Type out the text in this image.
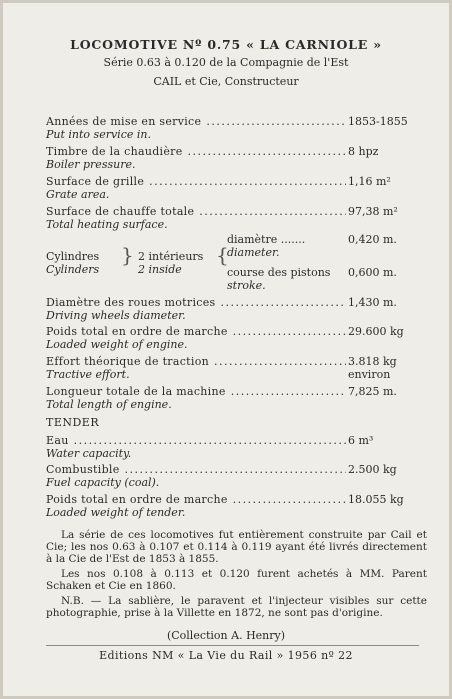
LOCOMOTIVE Nº 0.75 « LA CARNIOLE »
Série 0.63 à 0.120 de la Compagnie de l'Est
CAIL et Cie, Constructeur
Années de mise en service .....
Put into service in.
1853-1855
Timbre de la chaudière .....
Boiler pressure.
8 hpz
Surface de grille .....
Grate area.
1,16 m²
Surface de chauffe totale .....
Total heating surface.
97,38 m²
Cylindres
Cylinders
} 2 intérieurs
2 inside
{
diamètre .......
diameter.
0,420 m.
course des pistons
stroke.
0,600 m.
Diamètre des roues motrices .....
Driving wheels diameter.
1,430 m.
Poids total en ordre de marche .....
Loaded weight of engine.
29.600 kg
Effort théorique de traction .....
Tractive effort.
3.818 kg
environ
Longueur totale de la machine .....
Total length of engine.
7,825 m.
TENDER
Eau .....
Water capacity.
6 m³
Combustible .....
Fuel capacity (coal).
2.500 kg
Poids total en ordre de marche .....
Loaded weight of tender.
18.055 kg

La série de ces locomotives fut entièrement construite par Cail et Cie; les nos 0.63 à 0.107 et 0.114 à 0.119 ayant été livrés directement à la Cie de l'Est de 1853 à 1855.

Les nos 0.108 à 0.113 et 0.120 furent achetés à MM. Parent Schaken et Cie en 1860.

N.B. — La sablière, le paravent et l'injecteur visibles sur cette photographie, prise à la Villette en 1872, ne sont pas d'origine.

(Collection A. Henry)
Editions NM « La Vie du Rail » 1956 nº 22
